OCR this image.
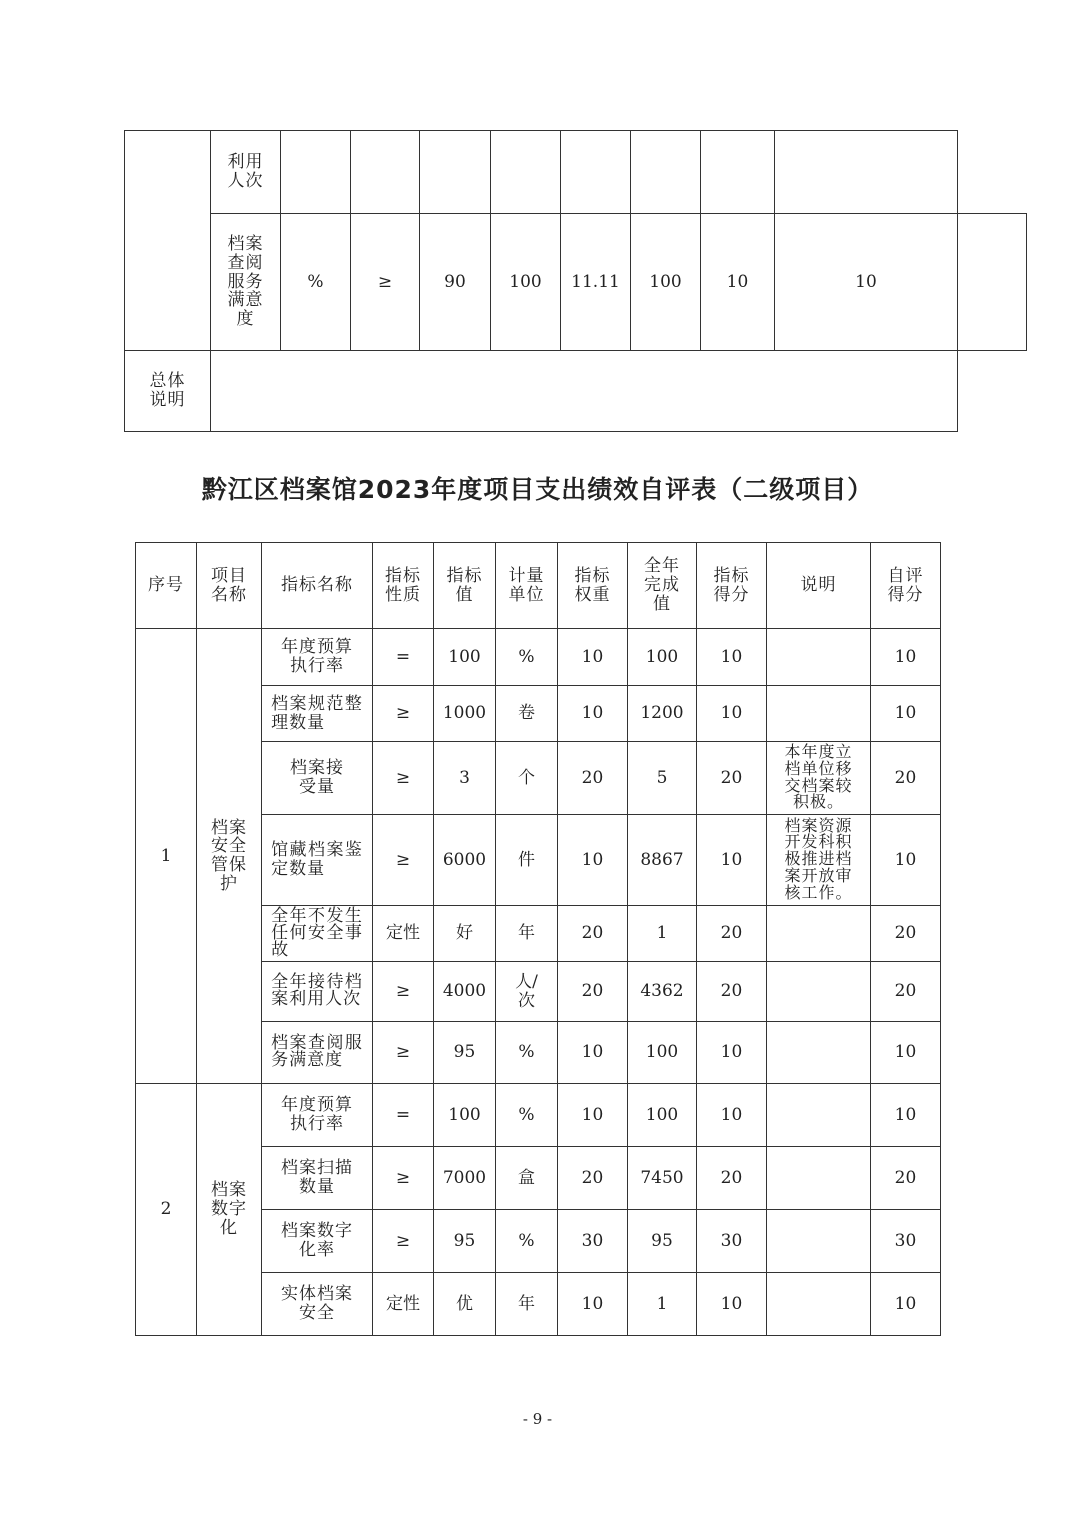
	利用人次									
	档案查阅服务满意度	%	≥	90	100	11.11	100	10	10	
总体说明										
黔江区档案馆2023年度项目支出绩效自评表（二级项目）
序号	项目名称	指标名称	指标性质	指标值	计量单位	指标权重	全年完成值	指标得分	说明	自评得分
1	档案安全管保护	年度预算执行率	=	100	%	10	100	10		10
		档案规范整理数量	≥	1000	卷	10	1200	10		10
		档案接受量	≥	3	个	20	5	20	本年度立档单位移交档案较积极。	20
		馆藏档案鉴定数量	≥	6000	件	10	8867	10	档案资源开发科积极推进档案开放审核工作。	10
		全年不发生任何安全事故	定性	好	年	20	1	20		20
		全年接待档案利用人次	≥	4000	人/次	20	4362	20		20
		档案查阅服务满意度	≥	95	%	10	100	10		10
2	档案数字化	年度预算执行率	=	100	%	10	100	10		10
		档案扫描数量	≥	7000	盒	20	7450	20		20
		档案数字化率	≥	95	%	30	95	30		30
		实体档案安全	定性	优	年	10	1	10		10
- 9 -
